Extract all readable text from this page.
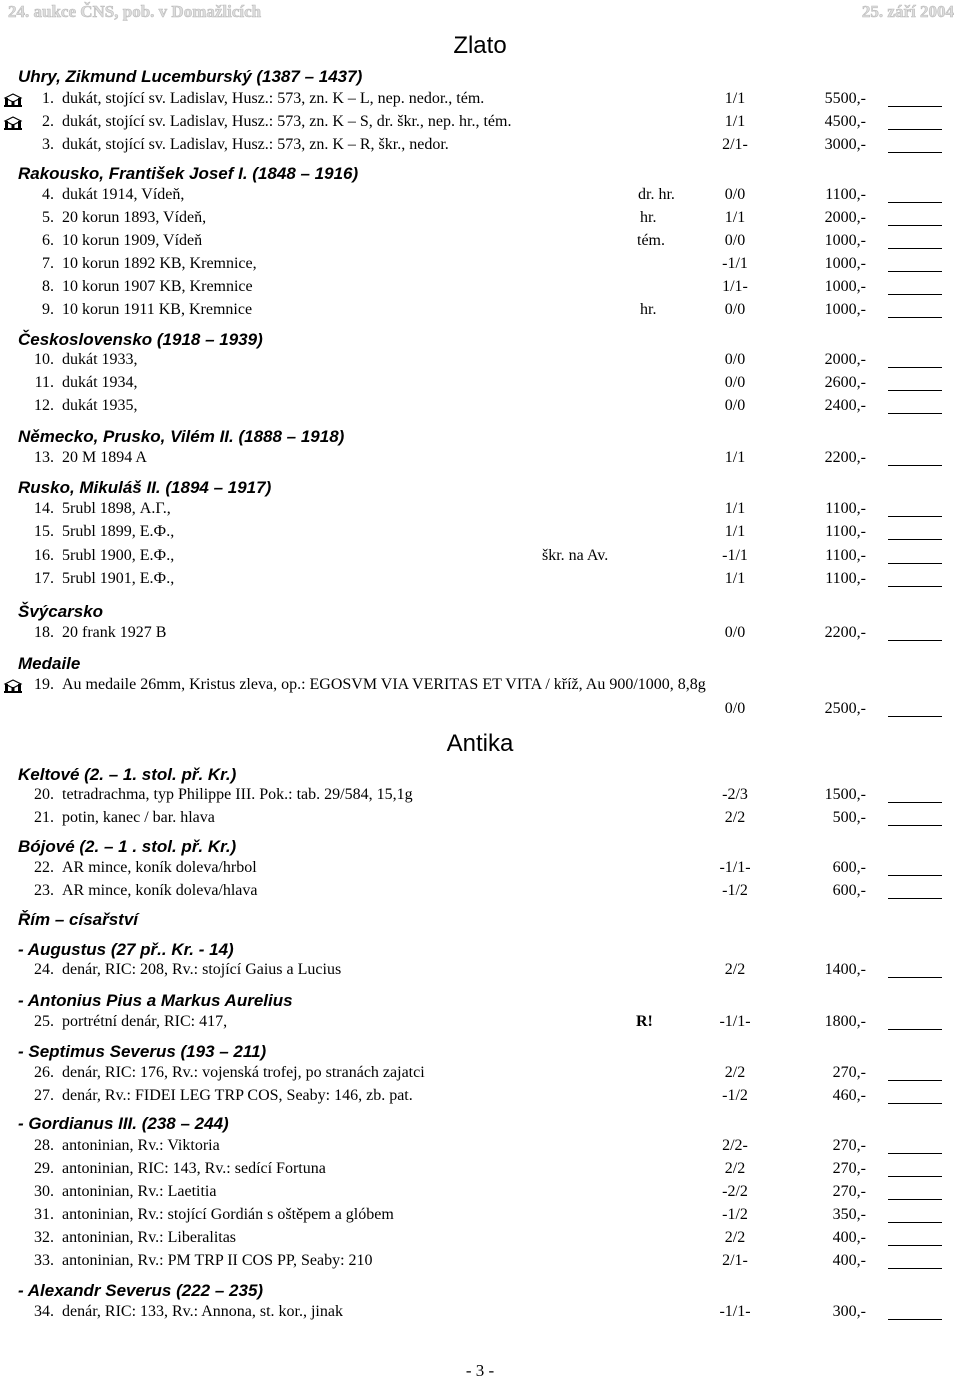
24. aukce ČNS, pob. v Domažlicích	25. září 2004
Zlato
Uhry, Zikmund Lucemburský (1387 – 1437)
Rakousko, František Josef I. (1848 – 1916)
Československo (1918 – 1939)
Německo, Prusko, Vilém II. (1888 – 1918)
Rusko, Mikuláš II. (1894 – 1917)
Švýcarsko
Medaile
Antika
Keltové (2. – 1. stol. př. Kr.)
Bójové (2. – 1 . stol. př. Kr.)
Řím – císařství
- Augustus (27 př.. Kr. - 14)
- Antonius Pius a Markus Aurelius
- Septimus Severus (193 – 211)
- Gordianus III. (238 – 244)
- Alexandr Severus (222 – 235)
1. dukát, stojící sv. Ladislav, Husz.: 573, zn. K – L, nep. nedor., tém.	1/1	5500,-
2. dukát, stojící sv. Ladislav, Husz.: 573, zn. K – S, dr. škr., nep. hr., tém.	1/1	4500,-
3. dukát, stojící sv. Ladislav, Husz.: 573, zn. K – R, škr., nedor.	2/1-	3000,-
4. dukát 1914, Vídeň,	dr. hr.	0/0	1100,-
5. 20 korun 1893, Vídeň,	hr.	1/1	2000,-
6. 10 korun 1909, Vídeň	tém.	0/0	1000,-
7. 10 korun 1892 KB, Kremnice,	-1/1	1000,-
8. 10 korun 1907 KB, Kremnice	1/1-	1000,-
9. 10 korun 1911 KB, Kremnice	hr.	0/0	1000,-
10. dukát 1933,	0/0	2000,-
11. dukát 1934,	0/0	2600,-
12. dukát 1935,	0/0	2400,-
13. 20 M 1894 A	1/1	2200,-
14. 5rubl 1898, А.Г.,	1/1	1100,-
15. 5rubl 1899, Е.Ф.,	1/1	1100,-
16. 5rubl 1900, Е.Ф.,	škr. na Av.	-1/1	1100,-
17. 5rubl 1901, Е.Ф.,	1/1	1100,-
18. 20 frank 1927 B	0/0	2200,-
0/0	2500,-
19. Au medaile 26mm, Kristus zleva, op.: EGOSVM VIA VERITAS ET VITA / kříž, Au 900/1000, 8,8g
20. tetradrachma, typ Philippe III. Pok.: tab. 29/584, 15,1g	-2/3	1500,-
21. potin, kanec / bar. hlava	2/2	500,-
22. AR mince, koník doleva/hrbol	-1/1-	600,-
23. AR mince, koník doleva/hlava	-1/2	600,-
24. denár, RIC: 208, Rv.: stojící Gaius a Lucius	2/2	1400,-
25. portrétní denár, RIC: 417,	R!	-1/1-	1800,-
26. denár, RIC: 176, Rv.: vojenská trofej, po stranách zajatci	2/2	270,-
27. denár, Rv.: FIDEI LEG TRP COS, Seaby: 146, zb. pat.	-1/2	460,-
28. antoninian, Rv.: Viktoria	2/2-	270,-
29. antoninian, RIC: 143, Rv.: sedící Fortuna	2/2	270,-
30. antoninian, Rv.: Laetitia	-2/2	270,-
31. antoninian, Rv.: stojící Gordián s oštěpem a glóbem	-1/2	350,-
32. antoninian, Rv.: Liberalitas	2/2	400,-
33. antoninian, Rv.: PM TRP II COS PP, Seaby: 210	2/1-	400,-
34. denár, RIC: 133, Rv.: Annona, st. kor., jinak	-1/1-	300,-
- 3 -
